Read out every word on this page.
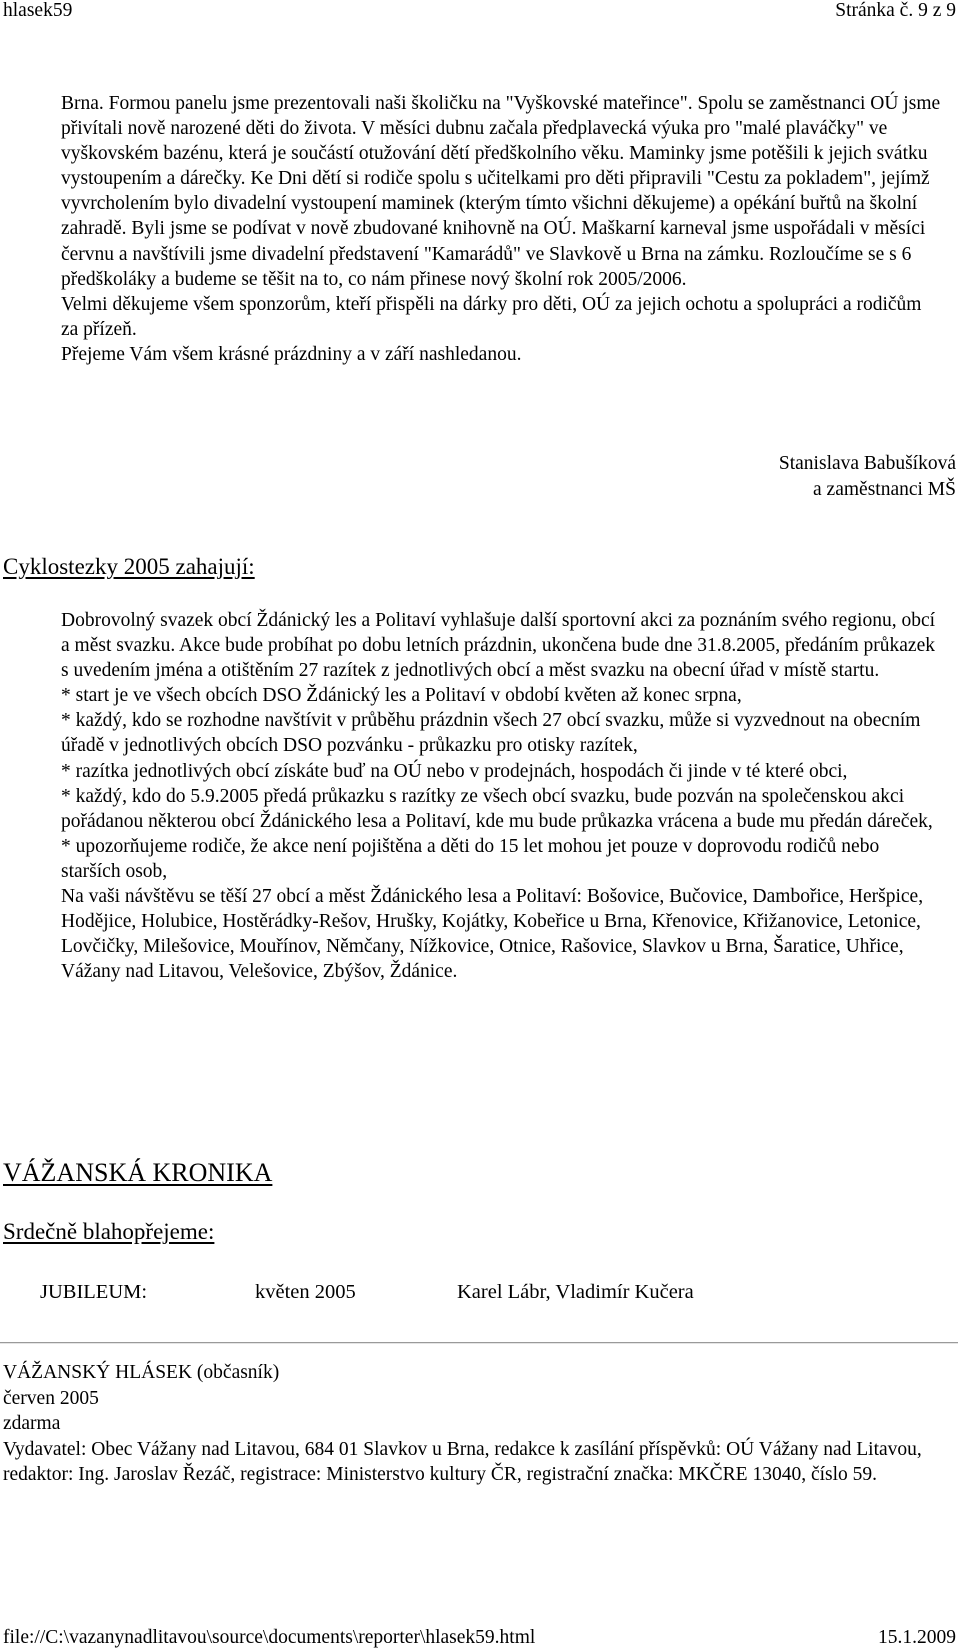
hlasek59	Stránka č. 9 z 9

Brna. Formou panelu jsme prezentovali naši školičku na "Vyškovské mateřince". Spolu se zaměstnanci OÚ jsme přivítali nově narozené děti do života. V měsíci dubnu začala předplavecká výuka pro "malé plaváčky" ve vyškovském bazénu, která je součástí otužování dětí předškolního věku. Maminky jsme potěšili k jejich svátku vystoupením a dárečky. Ke Dni dětí si rodiče spolu s učitelkami pro děti připravili "Cestu za pokladem", jejímž vyvrcholením bylo divadelní vystoupení maminek (kterým tímto všichni děkujeme) a opékání buřtů na školní zahradě. Byli jsme se podívat v nově zbudované knihovně na OÚ. Maškarní karneval jsme uspořádali v měsíci červnu a navštívili jsme divadelní představení "Kamarádů" ve Slavkově u Brna na zámku. Rozloučíme se s 6 předškoláky a budeme se těšit na to, co nám přinese nový školní rok 2005/2006.

Velmi děkujeme všem sponzorům, kteří přispěli na dárky pro děti, OÚ za jejich ochotu a spolupráci a rodičům za přízeň.

Přejeme Vám všem krásné prázdniny a v září nashledanou.

Stanislava Babušíková
a zaměstnanci MŠ
Cyklostezky 2005 zahajují:

Dobrovolný svazek obcí Ždánický les a Politaví vyhlašuje další sportovní akci za poznáním svého regionu, obcí a měst svazku. Akce bude probíhat po dobu letních prázdnin, ukončena bude dne 31.8.2005, předáním průkazek s uvedením jména a otištěním 27 razítek z jednotlivých obcí a měst svazku na obecní úřad v místě startu.

* start je ve všech obcích DSO Ždánický les a Politaví v období květen až konec srpna,

* každý, kdo se rozhodne navštívit v průběhu prázdnin všech 27 obcí svazku, může si vyzvednout na obecním úřadě v jednotlivých obcích DSO pozvánku - průkazku pro otisky razítek,

* razítka jednotlivých obcí získáte buď na OÚ nebo v prodejnách, hospodách či jinde v té které obci,

* každý, kdo do 5.9.2005 předá průkazku s razítky ze všech obcí svazku, bude pozván na společenskou akci pořádanou některou obcí Ždánického lesa a Politaví, kde mu bude průkazka vrácena a bude mu předán dáreček,

* upozorňujeme rodiče, že akce není pojištěna a děti do 15 let mohou jet pouze v doprovodu rodičů nebo starších osob,

Na vaši návštěvu se těší 27 obcí a měst Ždánického lesa a Politaví: Bošovice, Bučovice, Dambořice, Heršpice, Hodějice, Holubice, Hostěrádky-Rešov, Hrušky, Kojátky, Kobeřice u Brna, Křenovice, Křižanovice, Letonice, Lovčičky, Milešovice, Mouřínov, Němčany, Nížkovice, Otnice, Rašovice, Slavkov u Brna, Šaratice, Uhřice, Vážany nad Litavou, Velešovice, Zbýšov, Ždánice.

VÁŽANSKÁ KRONIKA
Srdečně blahopřejeme:
JUBILEUM:	květen 2005	Karel Lábr, Vladimír Kučera

VÁŽANSKÝ HLÁSEK (občasník)

červen 2005

zdarma

Vydavatel: Obec Vážany nad Litavou, 684 01 Slavkov u Brna, redakce k zasílání příspěvků: OÚ Vážany nad Litavou,

redaktor: Ing. Jaroslav Řezáč, registrace: Ministerstvo kultury ČR, registrační značka: MKČRE 13040, číslo 59.

file://C:\vazanynadlitavou\source\documents\reporter\hlasek59.html	15.1.2009
